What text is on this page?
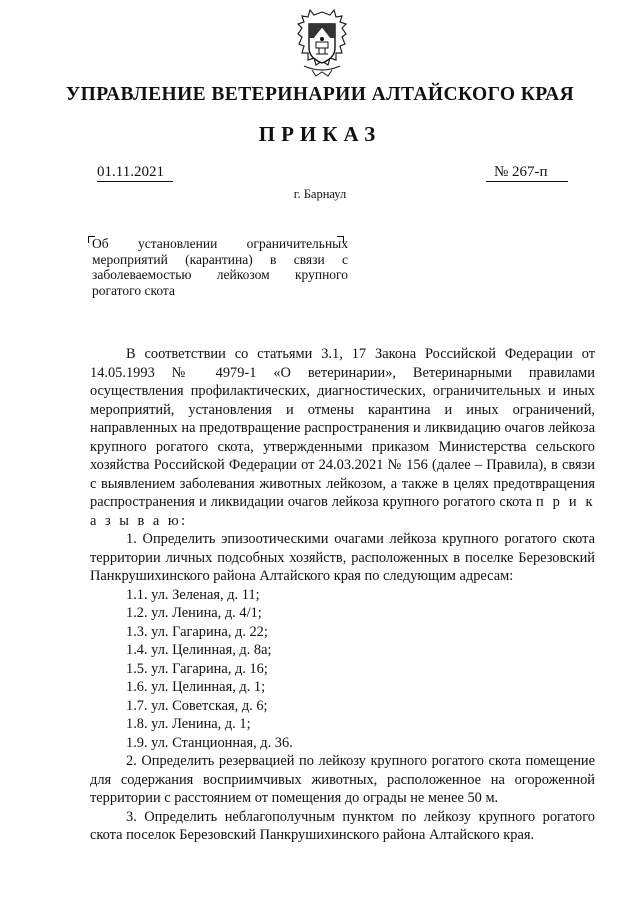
УПРАВЛЕНИЕ ВЕТЕРИНАРИИ АЛТАЙСКОГО КРАЯ
ПРИКАЗ
01.11.2021	№ 267-п
г. Барнаул
Об установлении ограничительных мероприятий (карантина) в связи с заболеваемостью лейкозом крупного рогатого скота

В соответствии со статьями 3.1, 17 Закона Российской Федерации от 14.05.1993 № 4979-1 «О ветеринарии», Ветеринарными правилами осуществления профилактических, диагностических, ограничительных и иных мероприятий, установления и отмены карантина и иных ограничений, направленных на предотвращение распространения и ликвидацию очагов лейкоза крупного рогатого скота, утвержденными приказом Министерства сельского хозяйства Российской Федерации от 24.03.2021 № 156 (далее – Правила), в связи с выявлением заболевания животных лейкозом, а также в целях предотвращения распространения и ликвидации очагов лейкоза крупного рогатого скота п р и к а з ы в а ю:

1. Определить эпизоотическими очагами лейкоза крупного рогатого скота территории личных подсобных хозяйств, расположенных в поселке Березовский Панкрушихинского района Алтайского края по следующим адресам:

1.1. ул. Зеленая, д. 11;
1.2. ул. Ленина, д. 4/1;
1.3. ул. Гагарина, д. 22;
1.4. ул. Целинная, д. 8а;
1.5. ул. Гагарина, д. 16;
1.6. ул. Целинная, д. 1;
1.7. ул. Советская, д. 6;
1.8. ул. Ленина, д. 1;
1.9. ул. Станционная, д. 36.

2. Определить резервацией по лейкозу крупного рогатого скота помещение для содержания восприимчивых животных, расположенное на огороженной территории с расстоянием от помещения до ограды не менее 50 м.

3. Определить неблагополучным пунктом по лейкозу крупного рогатого скота поселок Березовский Панкрушихинского района Алтайского края.
